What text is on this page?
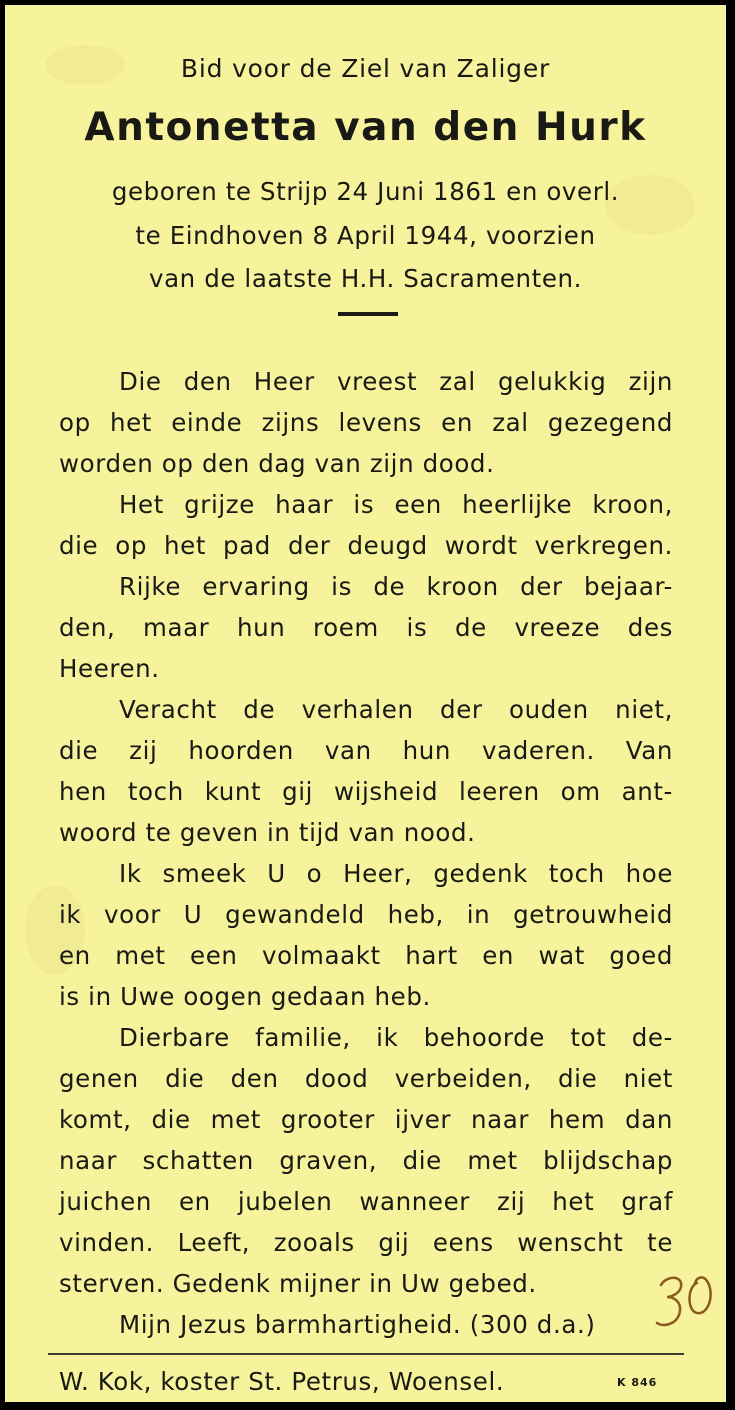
Bid voor de Ziel van Zaliger
Antonetta van den Hurk
geboren te Strijp 24 Juni 1861 en overl.
te Eindhoven 8 April 1944, voorzien
van de laatste H.H. Sacramenten.
Die den Heer vreest zal gelukkig zijn
op het einde zijns levens en zal gezegend
worden op den dag van zijn dood.
Het grijze haar is een heerlijke kroon,
die op het pad der deugd wordt verkregen.
Rijke ervaring is de kroon der bejaar-
den, maar hun roem is de vreeze des
Heeren.
Veracht de verhalen der ouden niet,
die zij hoorden van hun vaderen. Van
hen toch kunt gij wijsheid leeren om ant-
woord te geven in tijd van nood.
Ik smeek U o Heer, gedenk toch hoe
ik voor U gewandeld heb, in getrouwheid
en met een volmaakt hart en wat goed
is in Uwe oogen gedaan heb.
Dierbare familie, ik behoorde tot de-
genen die den dood verbeiden, die niet
komt, die met grooter ijver naar hem dan
naar schatten graven, die met blijdschap
juichen en jubelen wanneer zij het graf
vinden. Leeft, zooals gij eens wenscht te
sterven. Gedenk mijner in Uw gebed.
Mijn Jezus barmhartigheid. (300 d.a.)
W. Kok, koster St. Petrus, Woensel.	K 846
